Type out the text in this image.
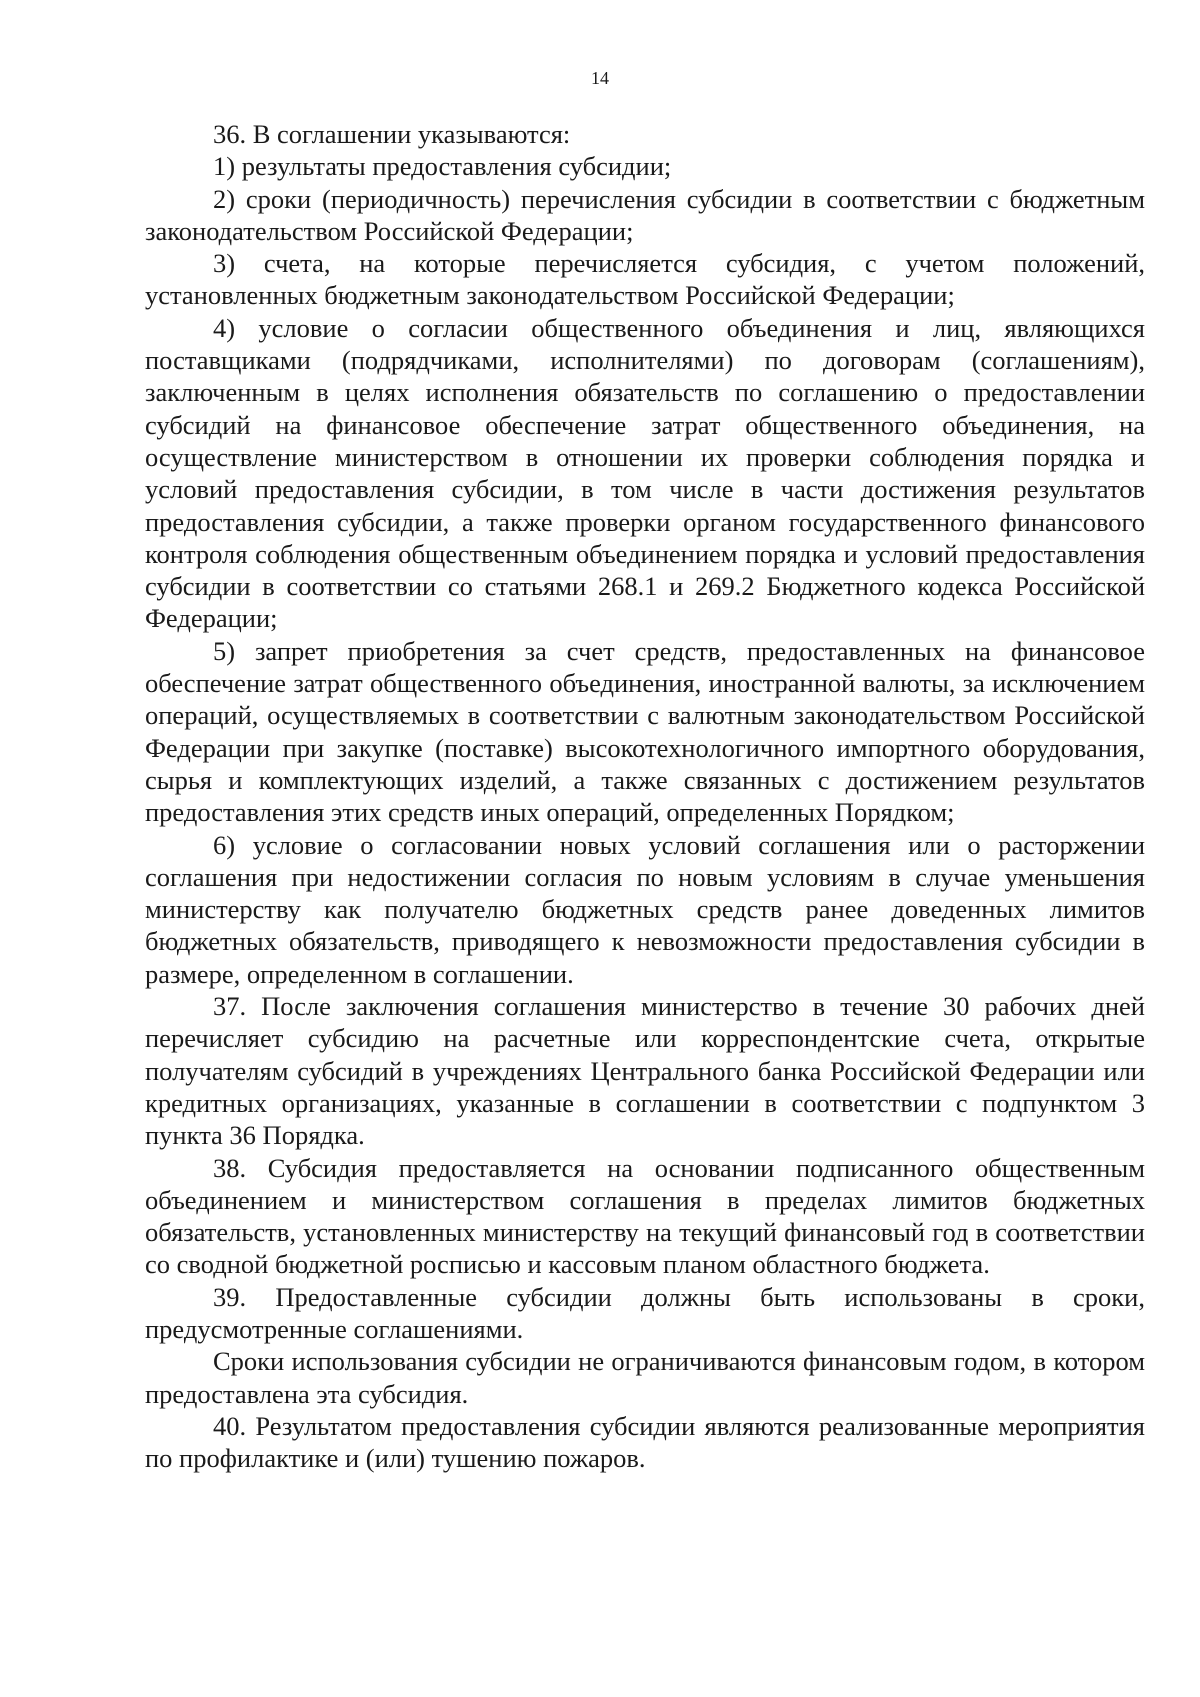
14

36. В соглашении указываются:

1) результаты предоставления субсидии;

2) сроки (периодичность) перечисления субсидии в соответствии с бюджетным законодательством Российской Федерации;

3) счета, на которые перечисляется субсидия, с учетом положений, установленных бюджетным законодательством Российской Федерации;

4) условие о согласии общественного объединения и лиц, являющихся поставщиками (подрядчиками, исполнителями) по договорам (соглашениям), заключенным в целях исполнения обязательств по соглашению о предоставлении субсидий на финансовое обеспечение затрат общественного объединения, на осуществление министерством в отношении их проверки соблюдения порядка и условий предоставления субсидии, в том числе в части достижения результатов предоставления субсидии, а также проверки органом государственного финансового контроля соблюдения общественным объединением порядка и условий предоставления субсидии в соответствии со статьями 268.1 и 269.2 Бюджетного кодекса Российской Федерации;

5) запрет приобретения за счет средств, предоставленных на финансовое обеспечение затрат общественного объединения, иностранной валюты, за исключением операций, осуществляемых в соответствии с валютным законодательством Российской Федерации при закупке (поставке) высокотехнологичного импортного оборудования, сырья и комплектующих изделий, а также связанных с достижением результатов предоставления этих средств иных операций, определенных Порядком;

6) условие о согласовании новых условий соглашения или о расторжении соглашения при недостижении согласия по новым условиям в случае уменьшения министерству как получателю бюджетных средств ранее доведенных лимитов бюджетных обязательств, приводящего к невозможности предоставления субсидии в размере, определенном в соглашении.

37. После заключения соглашения министерство в течение 30 рабочих дней перечисляет субсидию на расчетные или корреспондентские счета, открытые получателям субсидий в учреждениях Центрального банка Российской Федерации или кредитных организациях, указанные в соглашении в соответствии с подпунктом 3 пункта 36 Порядка.

38. Субсидия предоставляется на основании подписанного общественным объединением и министерством соглашения в пределах лимитов бюджетных обязательств, установленных министерству на текущий финансовый год в соответствии со сводной бюджетной росписью и кассовым планом областного бюджета.

39. Предоставленные субсидии должны быть использованы в сроки, предусмотренные соглашениями.

Сроки использования субсидии не ограничиваются финансовым годом, в котором предоставлена эта субсидия.

40. Результатом предоставления субсидии являются реализованные мероприятия по профилактике и (или) тушению пожаров.
